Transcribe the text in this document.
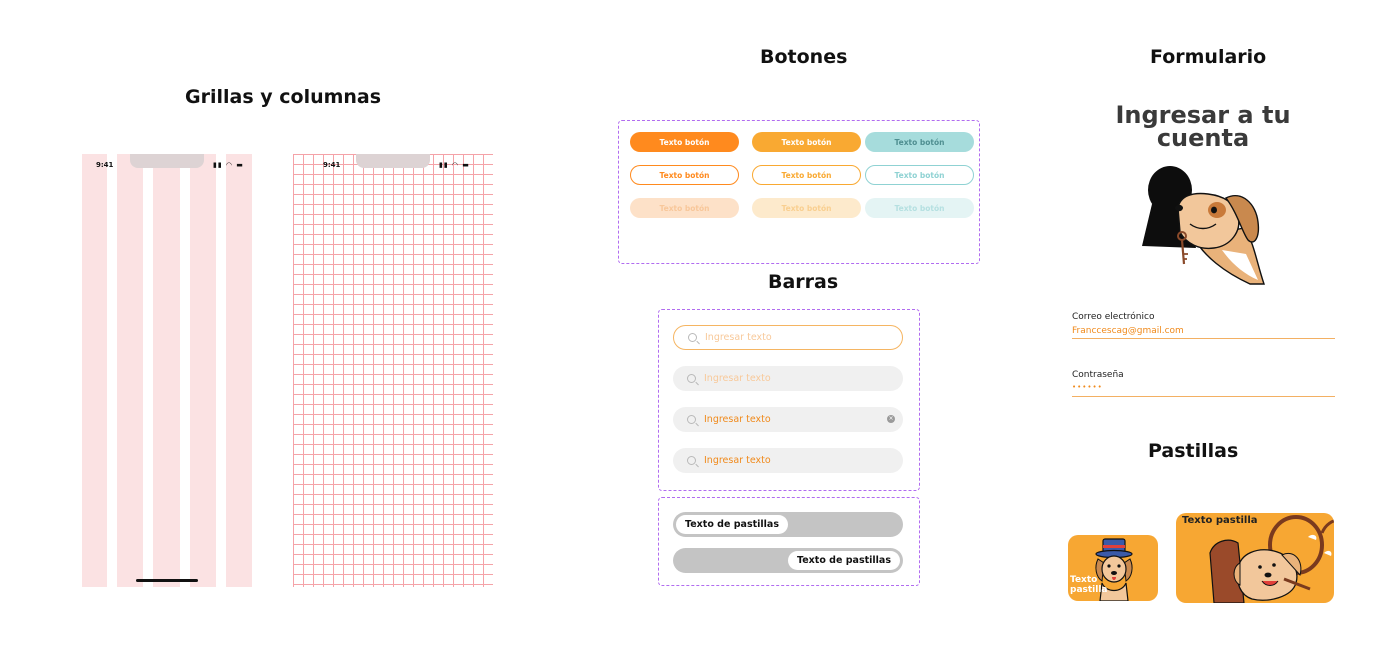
Grillas y columnas
Botones
Barras
Formulario
Pastillas
9:41	▮▮ ◠ ▬	9:41	▮▮ ◠ ▬
Texto botón	Texto botón	Texto botón
Texto botón	Texto botón	Texto botón
Texto botón	Texto botón	Texto botón
Ingresar texto
Ingresar texto
Ingresar texto	×
Ingresar texto
Texto de pastillas
Texto de pastillas
Ingresar a tu cuenta
Correo electrónico
Franccescag@gmail.com
Contraseña
••••••
Texto pastilla
Texto pastilla
